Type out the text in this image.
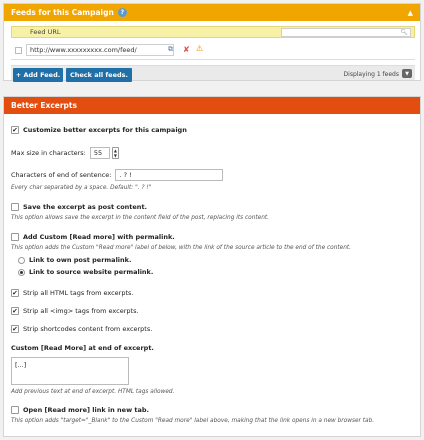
Feeds for this Campaign	?	▲
Feed URL	🔍︎
http://www.xxxxxxxxx.com/feed/	⧉ ✘ ⚠
+ Add Feed.	Check all feeds.	Displaying 1 feeds	▼
Better Excerpts
✔ Customize better excerpts for this campaign
Max size in characters:	55	▲
▼
Characters of end of sentence:	. ? !
Every char separated by a space. Default: ". ? !"
Save the excerpt as post content.
This option allows save the excerpt in the content field of the post, replacing its content.
Add Custom [Read more] with permalink.
This option adds the Custom "Read more" label of below, with the link of the source article to the end of the content.
Link to own post permalink.
Link to source website permalink.
✔ Strip all HTML tags from excerpts.
✔ Strip all <img> tags from excerpts.
✔ Strip shortcodes content from excerpts.
Custom [Read More] at end of excerpt.
[...]
Add previous text at end of excerpt. HTML tags allowed.
Open [Read more] link in new tab.
This option adds "target="_Blank" to the Custom "Read more" label above, making that the link opens in a new browser tab.
